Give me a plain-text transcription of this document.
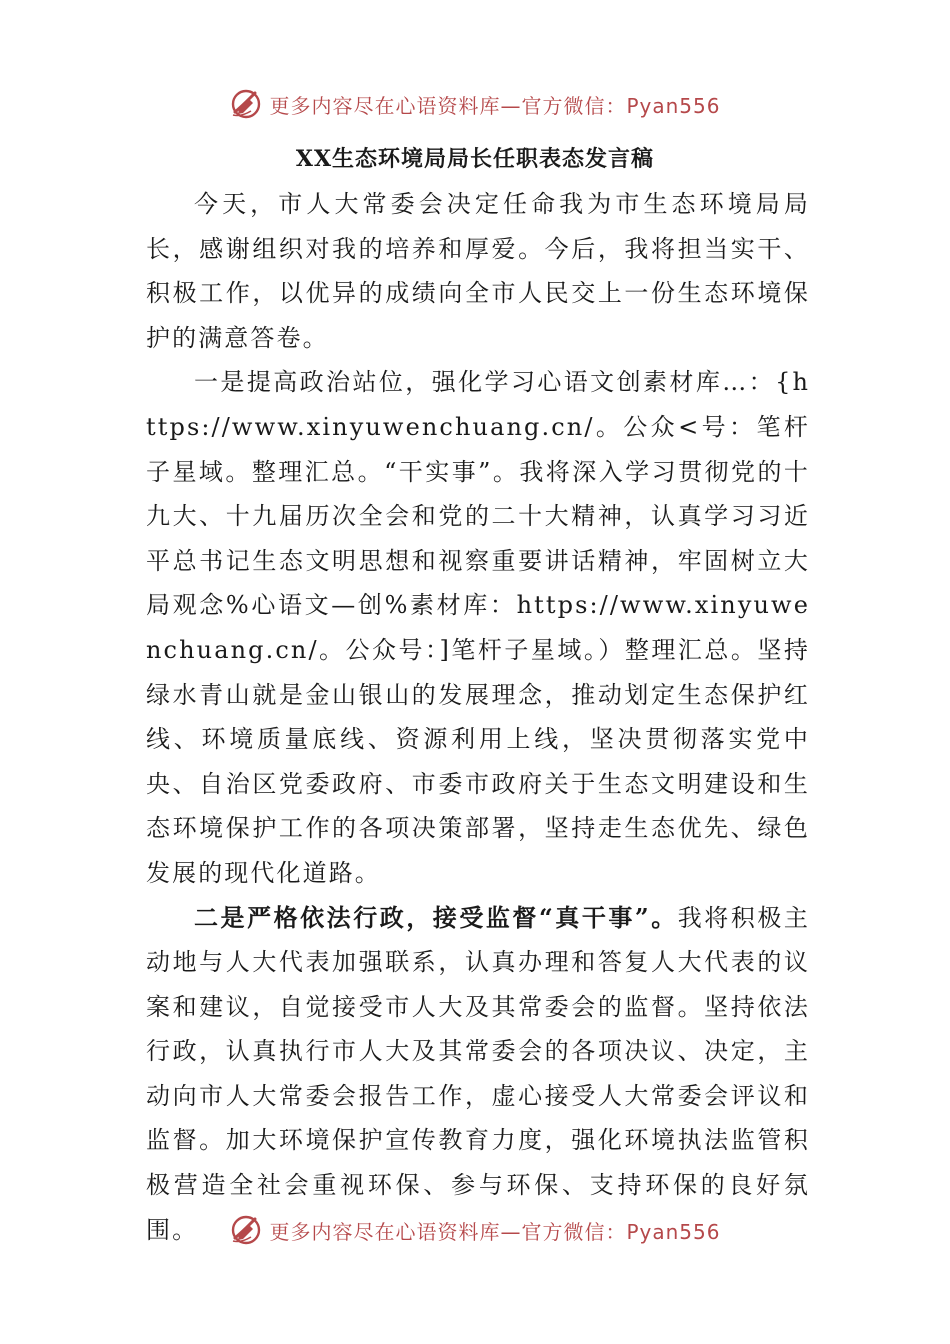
更多内容尽在心语资料库—官方微信：Pyan556
XX生态环境局局长任职表态发言稿

今天，市人大常委会决定任命我为市生态环境局局长，感谢组织对我的培养和厚爱。今后，我将担当实干、积极工作，以优异的成绩向全市人民交上一份生态环境保护的满意答卷。

一是提高政治站位，强化学习心语文创素材库…：{https://www.xinyuwenchuang.cn/。公众<号：笔杆子星域。整理汇总。“干实事”。我将深入学习贯彻党的十九大、十九届历次全会和党的二十大精神，认真学习习近平总书记生态文明思想和视察重要讲话精神，牢固树立大局观念%心语文—创%素材库：https://www.xinyuwenchuang.cn/。公众号：]笔杆子星域。）整理汇总。坚持绿水青山就是金山银山的发展理念，推动划定生态保护红线、环境质量底线、资源利用上线，坚决贯彻落实党中央、自治区党委政府、市委市政府关于生态文明建设和生态环境保护工作的各项决策部署，坚持走生态优先、绿色发展的现代化道路。

二是严格依法行政，接受监督“真干事”。我将积极主动地与人大代表加强联系，认真办理和答复人大代表的议案和建议，自觉接受市人大及其常委会的监督。坚持依法行政，认真执行市人大及其常委会的各项决议、决定，主动向市人大常委会报告工作，虚心接受人大常委会评议和监督。加大环境保护宣传教育力度，强化环境执法监管积极营造全社会重视环保、参与环保、支持环保的良好氛围。	更多内容尽在心语资料库—官方微信：Pyan556
